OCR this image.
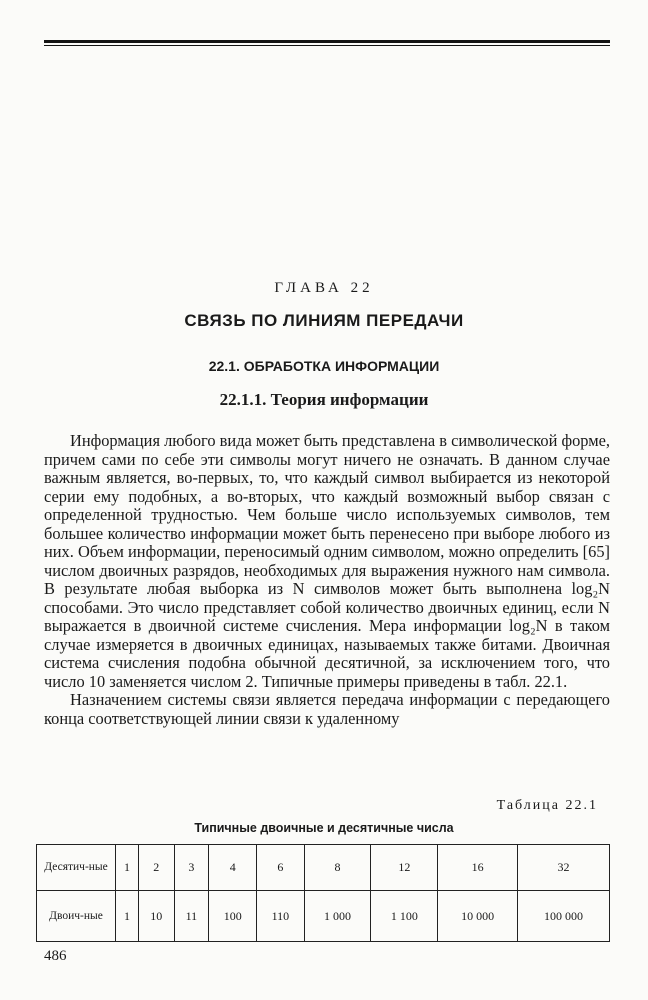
ГЛАВА 22
СВЯЗЬ ПО ЛИНИЯМ ПЕРЕДАЧИ
22.1. ОБРАБОТКА ИНФОРМАЦИИ
22.1.1. Теория информации

Информация любого вида может быть представлена в символической форме, причем сами по себе эти символы могут ничего не означать. В данном случае важным является, во-первых, то, что каждый символ выбирается из некоторой серии ему подобных, а во-вторых, что каждый возможный выбор связан с определенной трудностью. Чем больше число используемых символов, тем большее количество информации может быть перенесено при выборе любого из них. Объем информации, переносимый одним символом, можно определить [65] числом двоичных разрядов, необходимых для выражения нужного нам символа. В результате любая выборка из N символов может быть выполнена log₂N способами. Это число представляет собой количество двоичных единиц, если N выражается в двоичной системе счисления. Мера информации log₂N в таком случае измеряется в двоичных единицах, называемых также битами. Двоичная система счисления подобна обычной десятичной, за исключением того, что число 10 заменяется числом 2. Типичные примеры приведены в табл. 22.1.

Назначением системы связи является передача информации с передающего конца соответствующей линии связи к удаленному

Таблица 22.1
Типичные двоичные и десятичные числа
Десятич-ные	1	2	3	4	6	8	12	16	32
Двоич-ные	1	10	11	100	110	1 000	1 100	10 000	100 000
486
